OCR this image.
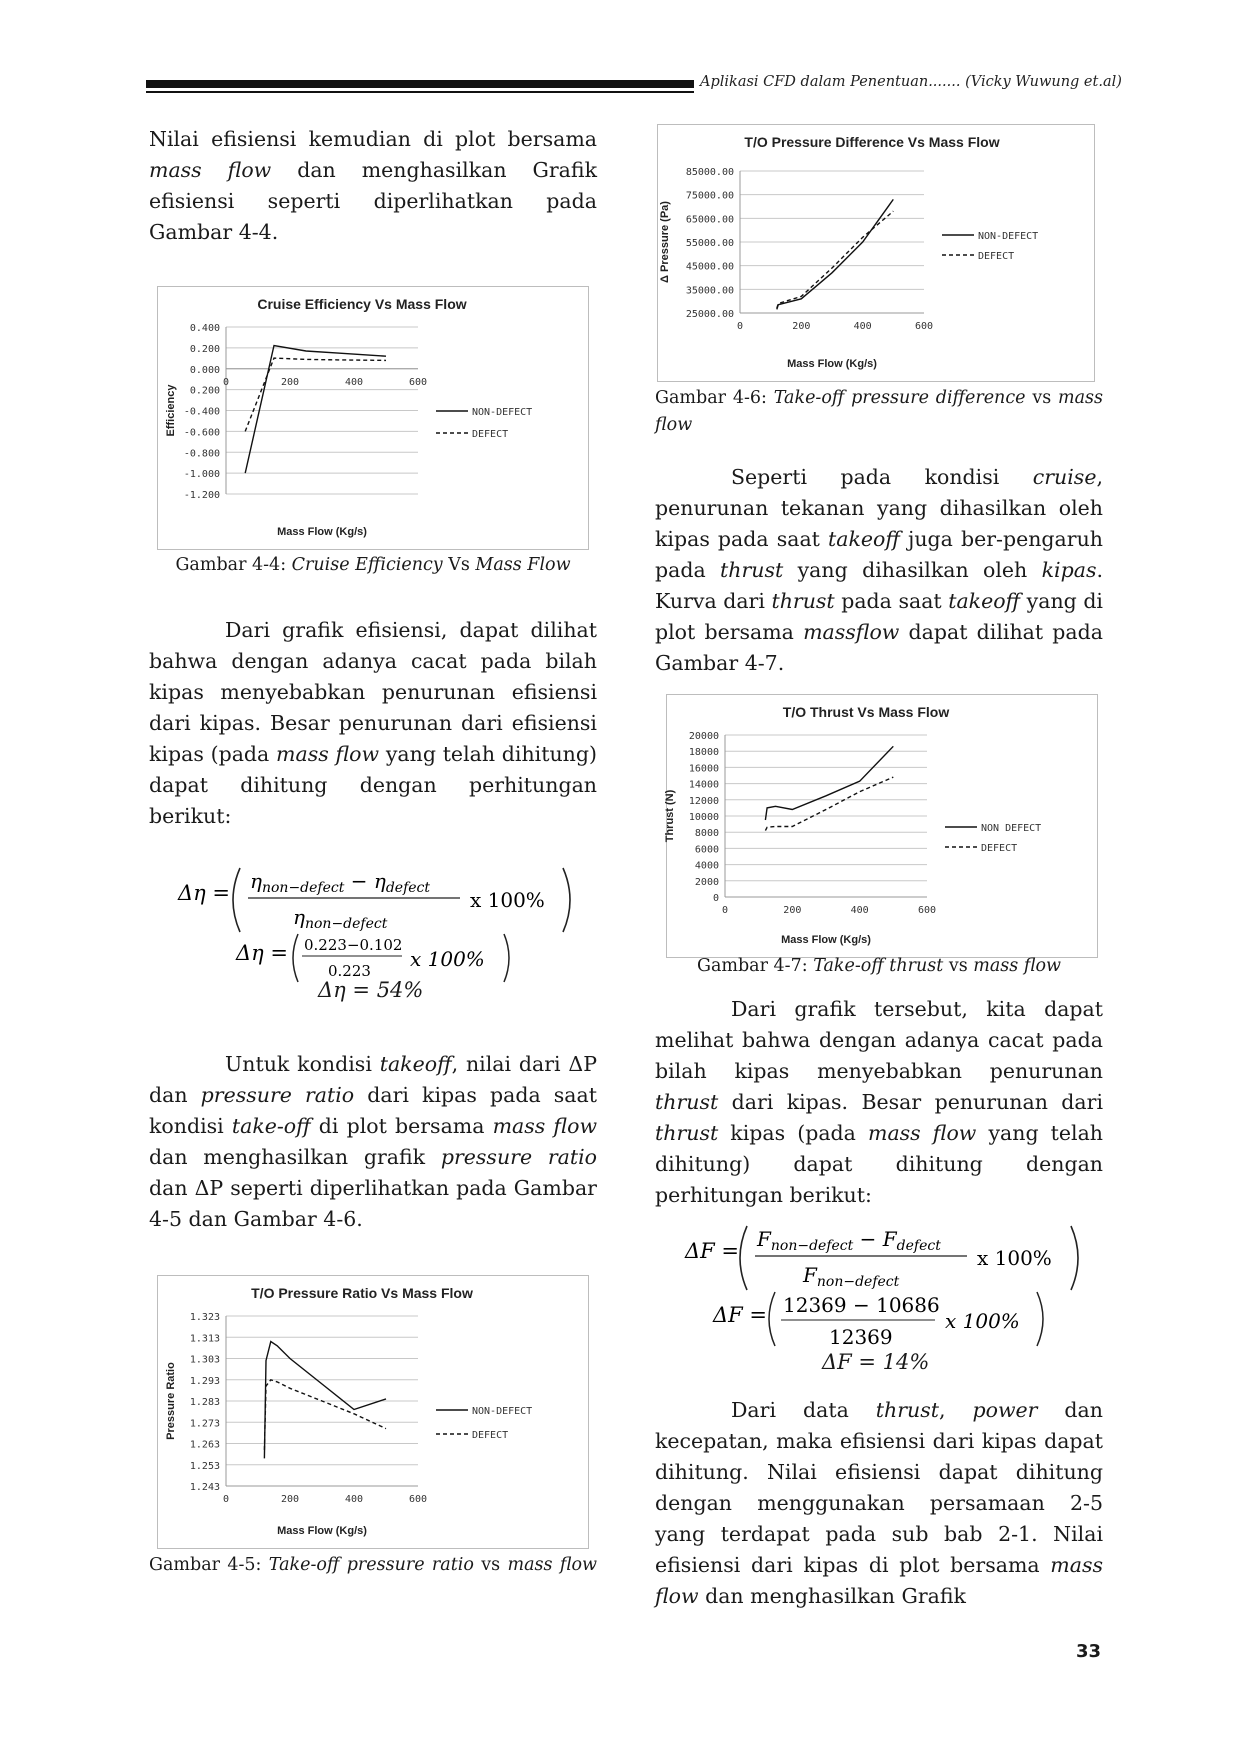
Aplikasi CFD dalam Penentuan....... (Vicky Wuwung et.al)

Nilai efisiensi kemudian di plot bersama mass flow dan menghasilkan Grafik efisiensi seperti diperlihatkan pada Gambar 4-4.

Cruise Efficiency Vs Mass Flow
0.400
0.200
0.000
0.200
-0.400
-0.600
-0.800
-1.000
-1.200
0	200	400	600
Mass Flow (Kg/s)
Efficiency	NON-DEFECT
DEFECT
Gambar 4-4: Cruise Efficiency Vs Mass Flow

Dari grafik efisiensi, dapat dilihat bahwa dengan adanya cacat pada bilah kipas menyebabkan penurunan efisiensi dari kipas. Besar penurunan dari efisiensi kipas (pada mass flow yang telah dihitung) dapat dihitung dengan perhitungan berikut:

$\Delta\eta = \eta_{non-defect} - \eta_{defect}$
$\eta_{non-defect}$
x 100%
Δη = 0.223−0.102
0.223 x 100%
Δη = 54%

Untuk kondisi takeoff, nilai dari ΔP dan pressure ratio dari kipas pada saat kondisi take-off di plot bersama mass flow dan menghasilkan grafik pressure ratio dan ΔP seperti diperlihatkan pada Gambar 4-5 dan Gambar 4-6.

T/O Pressure Ratio Vs Mass Flow
1.323
1.313
1.303
1.293
1.283
1.273
1.263
1.253
1.243
0	200	400	600
Mass Flow (Kg/s)
Pressure Ratio	NON-DEFECT
DEFECT
Gambar 4-5: Take-off pressure ratio vs mass flow
T/O Pressure Difference Vs Mass Flow
85000.00
75000.00
65000.00
55000.00
45000.00
35000.00
25000.00
0	200	400	600
Mass Flow (Kg/s)
Δ Pressure (Pa)	NON-DEFECT
DEFECT
Gambar 4-6: Take-off pressure difference vs mass flow

Seperti pada kondisi cruise, penurunan tekanan yang dihasilkan oleh kipas pada saat takeoff juga ber-pengaruh pada thrust yang dihasilkan oleh kipas. Kurva dari thrust pada saat takeoff yang di plot bersama massflow dapat dilihat pada Gambar 4-7.

T/O Thrust Vs Mass Flow
20000
18000
16000
14000
12000
10000
8000
6000
4000
2000
0
0	200	400	600
Mass Flow (Kg/s)
Thrust (N)	NON DEFECT
DEFECT
Gambar 4-7: Take-off thrust vs mass flow

Dari grafik tersebut, kita dapat melihat bahwa dengan adanya cacat pada bilah kipas menyebabkan penurunan thrust dari kipas. Besar penurunan dari thrust kipas (pada mass flow yang telah dihitung) dapat dihitung dengan perhitungan berikut:

$\Delta F = F_{non-defect} - F_{defect}$
$F_{non-defect}$
x 100%
ΔF = 12369 − 10686
12369
x 100%
ΔF = 14%

Dari data thrust, power dan kecepatan, maka efisiensi dari kipas dapat dihitung. Nilai efisiensi dapat dihitung dengan menggunakan persamaan 2-5 yang terdapat pada sub bab 2-1. Nilai efisiensi dari kipas di plot bersama mass flow dan menghasilkan Grafik

33
